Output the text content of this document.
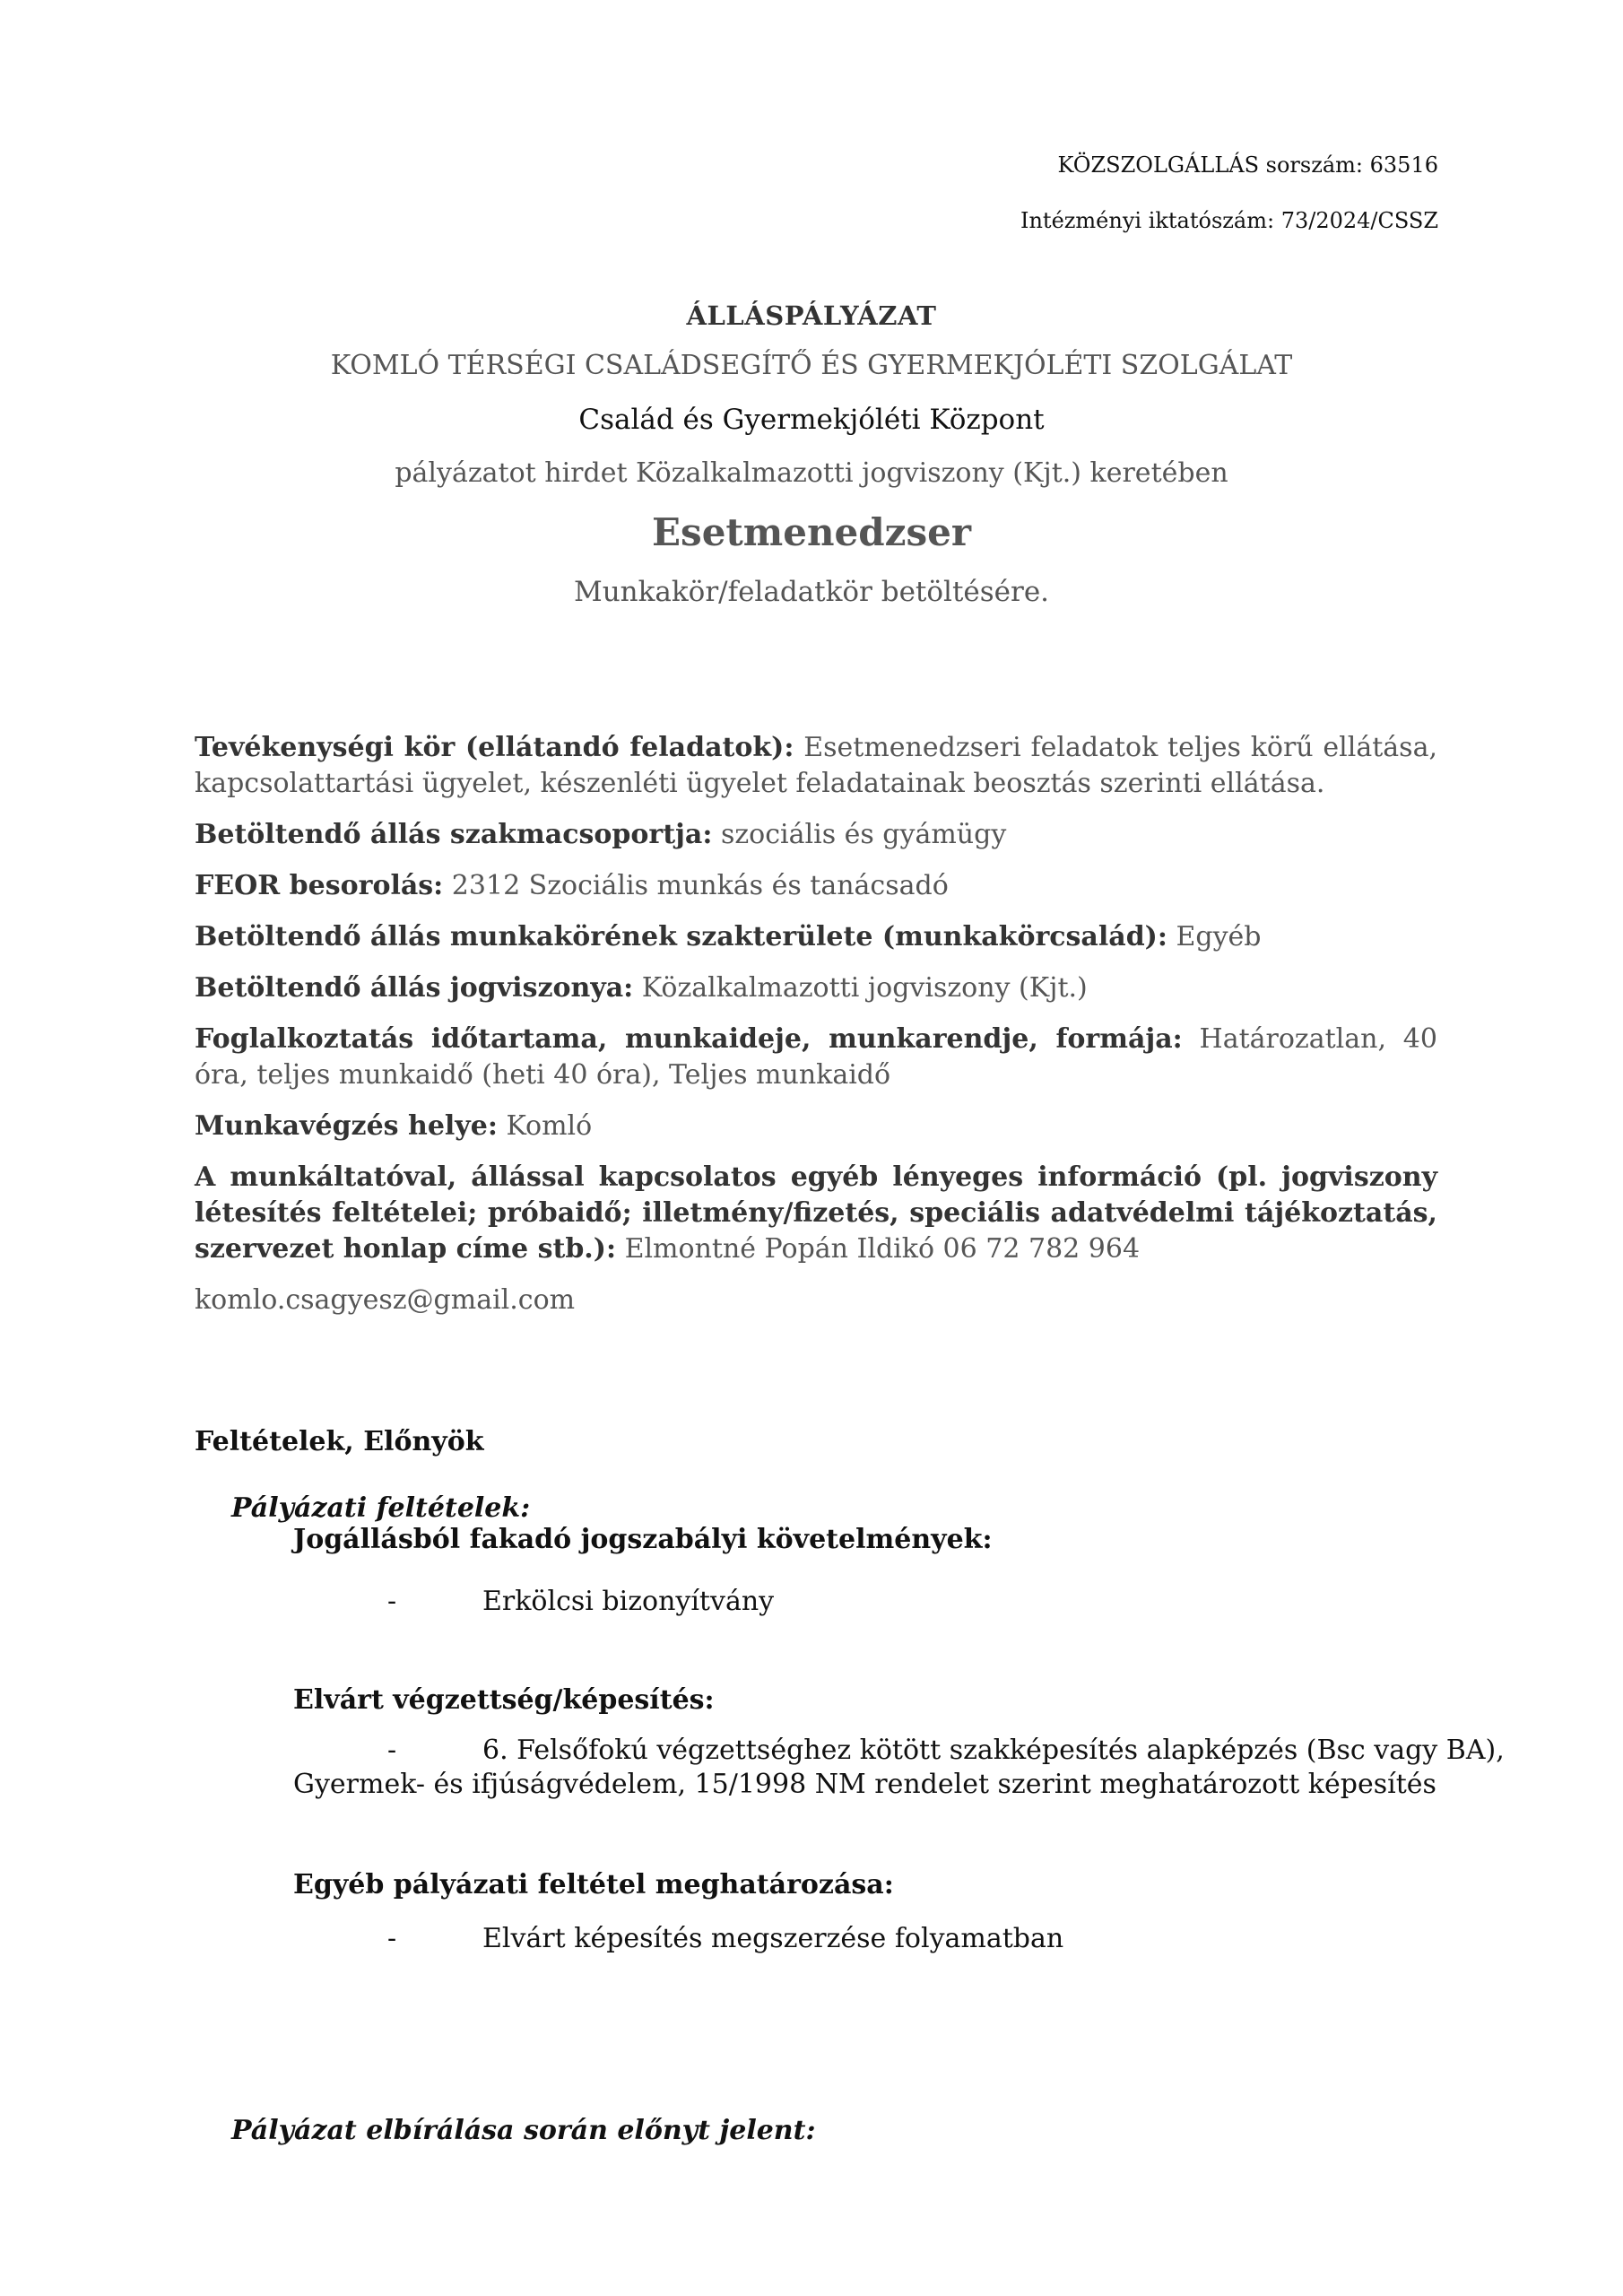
KÖZSZOLGÁLLÁS sorszám: 63516
Intézményi iktatószám: 73/2024/CSSZ
ÁLLÁSPÁLYÁZAT
KOMLÓ TÉRSÉGI CSALÁDSEGÍTŐ ÉS GYERMEKJÓLÉTI SZOLGÁLAT
Család és Gyermekjóléti Központ
pályázatot hirdet Közalkalmazotti jogviszony (Kjt.) keretében
Esetmenedzser
Munkakör/feladatkör betöltésére.

Tevékenységi kör (ellátandó feladatok): Esetmenedzseri feladatok teljes körű ellátása, kapcsolattartási ügyelet, készenléti ügyelet feladatainak beosztás szerinti ellátása.

Betöltendő állás szakmacsoportja: szociális és gyámügy

FEOR besorolás: 2312 Szociális munkás és tanácsadó

Betöltendő állás munkakörének szakterülete (munkakörcsalád): Egyéb

Betöltendő állás jogviszonya: Közalkalmazotti jogviszony (Kjt.)

Foglalkoztatás időtartama, munkaideje, munkarendje, formája: Határozatlan, 40 óra, teljes munkaidő (heti 40 óra), Teljes munkaidő

Munkavégzés helye: Komló

A munkáltatóval, állással kapcsolatos egyéb lényeges információ (pl. jogviszony létesítés feltételei; próbaidő; illetmény/fizetés, speciális adatvédelmi tájékoztatás, szervezet honlap címe stb.): Elmontné Popán Ildikó 06 72 782 964

komlo.csagyesz@gmail.com

Feltételek, Előnyök
Pályázati feltételek:
Jogállásból fakadó jogszabályi követelmények:
-	Erkölcsi bizonyítvány
Elvárt végzettség/képesítés:
-	6. Felsőfokú végzettséghez kötött szakképesítés alapképzés (Bsc vagy BA),
Gyermek- és ifjúságvédelem, 15/1998 NM rendelet szerint meghatározott képesítés
Egyéb pályázati feltétel meghatározása:
-	Elvárt képesítés megszerzése folyamatban
Pályázat elbírálása során előnyt jelent:
